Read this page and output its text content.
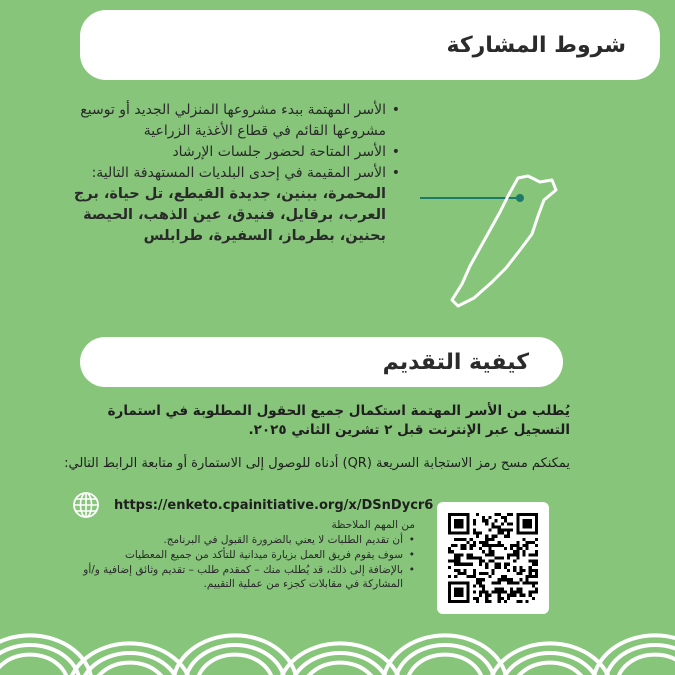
شروط المشاركة
• الأسر المهتمة ببدء مشروعها المنزلي الجديد أو توسيع مشروعها القائم في قطاع الأغذية الزراعية
• الأسر المتاحة لحضور جلسات الإرشاد
• الأسر المقيمة في إحدى البلديات المستهدفة التالية: المحمرة، ببنين، جديدة القيطع، تل حياة، برج العرب، برقايل، فنيدق، عين الذهب، الحيصة بحنين، بطرماز، السفيرة، طرابلس
كيفية التقديم

يُطلب من الأسر المهتمة استكمال جميع الحقول المطلوبة في استمارة التسجيل عبر الإنترنت قبل ٢ تشرين الثاني ٢٠٢٥.

يمكنكم مسح رمز الاستجابة السريعة (QR) أدناه للوصول إلى الاستمارة أو متابعة الرابط التالي:

https://enketo.cpainitiative.org/x/DSnDycr6
من المهم الملاحظة
• أن تقديم الطلبات لا يعني بالضرورة القبول في البرنامج.
• سوف يقوم فريق العمل بزيارة ميدانية للتأكد من جميع المعطيات
• بالإضافة إلى ذلك، قد يُطلب منك – كمقدم طلب – تقديم وثائق إضافية و/أو المشاركة في مقابلات كجزء من عملية التقييم.
